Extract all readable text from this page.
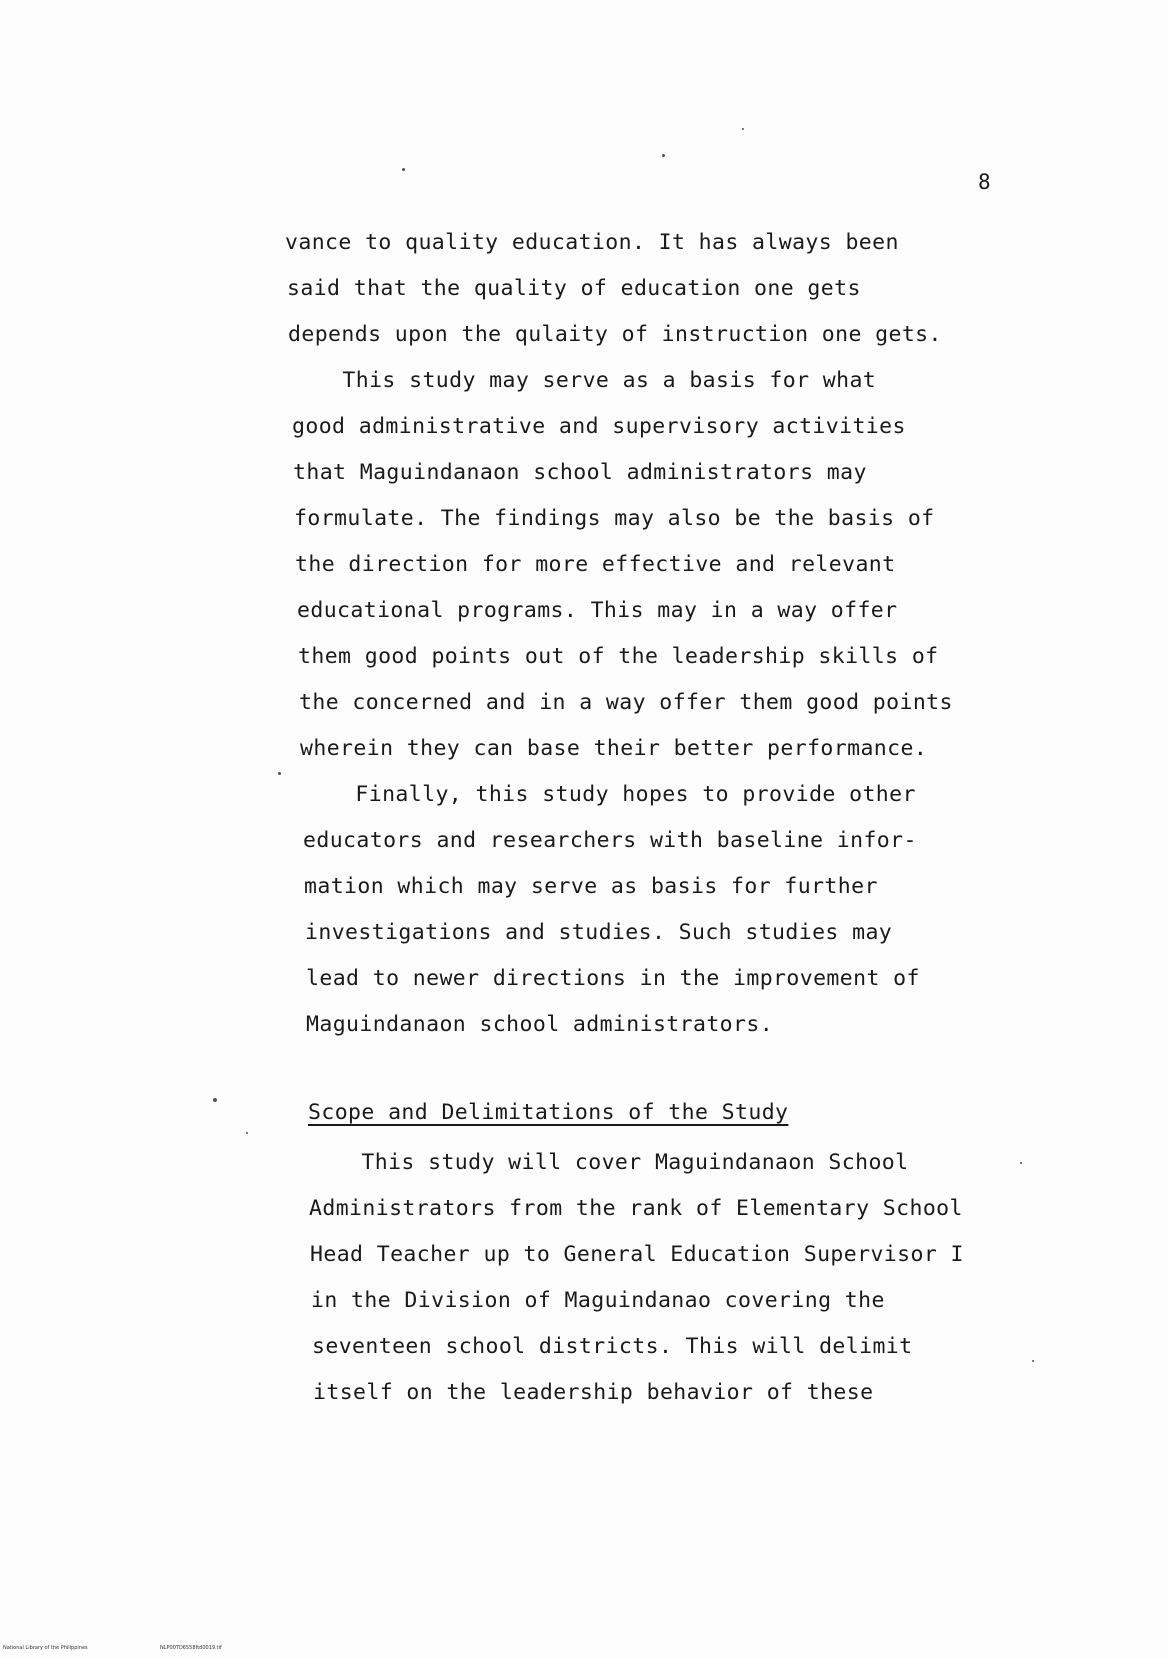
8
vance to quality education. It has always been
said that the quality of education one gets
depends upon the qulaity of instruction one gets.
This study may serve as a basis for what
good administrative and supervisory activities
that Maguindanaon school administrators may
formulate. The findings may also be the basis of
the direction for more effective and relevant
educational programs. This may in a way offer
them good points out of the leadership skills of
the concerned and in a way offer them good points
wherein they can base their better performance.
Finally, this study hopes to provide other
educators and researchers with baseline infor-
mation which may serve as basis for further
investigations and studies. Such studies may
lead to newer directions in the improvement of
Maguindanaon school administrators.
Scope and Delimitations of the Study
This study will cover Maguindanaon School
Administrators from the rank of Elementary School
Head Teacher up to General Education Supervisor I
in the Division of Maguindanao covering the
seventeen school districts. This will delimit
itself on the leadership behavior of these
National Library of the Philippines	NLP00TD6558ftd0019.tif
